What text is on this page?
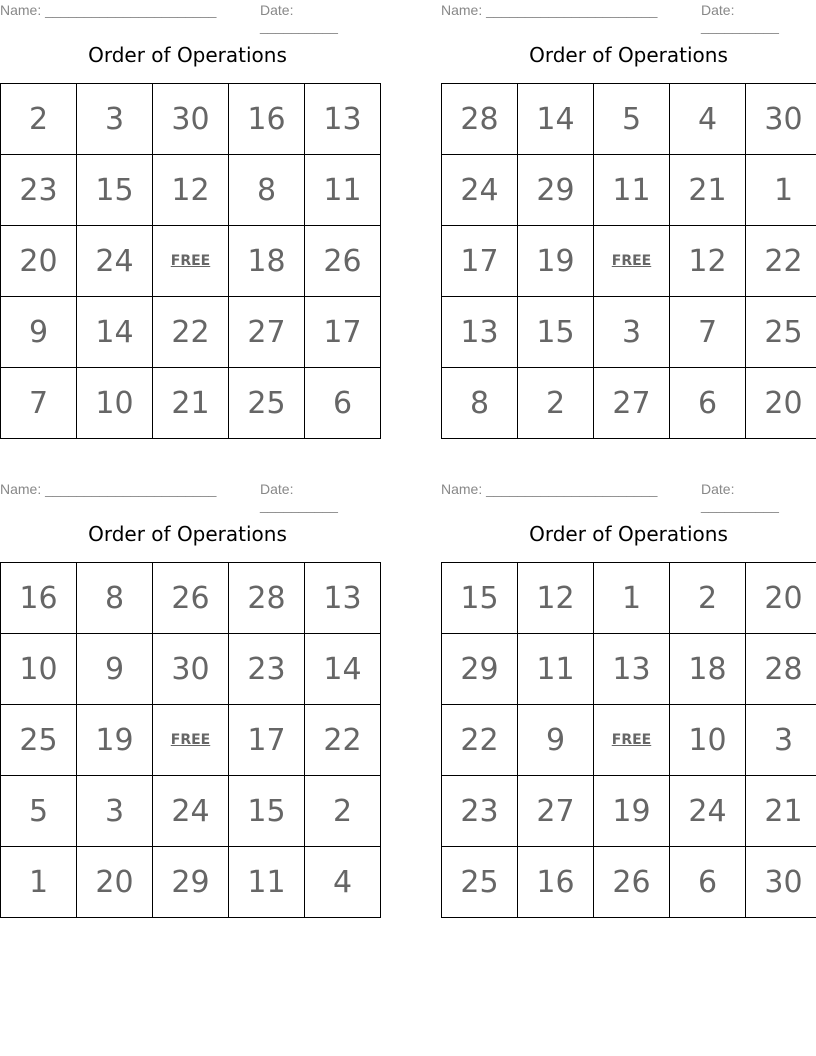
Name: ______________________	Date: __________
Order of Operations
2	3	30	16	13
23	15	12	8	11
20	24	FREE	18	26
9	14	22	27	17
7	10	21	25	6
Name: ______________________	Date: __________
Order of Operations
28	14	5	4	30
24	29	11	21	1
17	19	FREE	12	22
13	15	3	7	25
8	2	27	6	20
Name: ______________________	Date: __________
Order of Operations
16	8	26	28	13
10	9	30	23	14
25	19	FREE	17	22
5	3	24	15	2
1	20	29	11	4
Name: ______________________	Date: __________
Order of Operations
15	12	1	2	20
29	11	13	18	28
22	9	FREE	10	3
23	27	19	24	21
25	16	26	6	30
